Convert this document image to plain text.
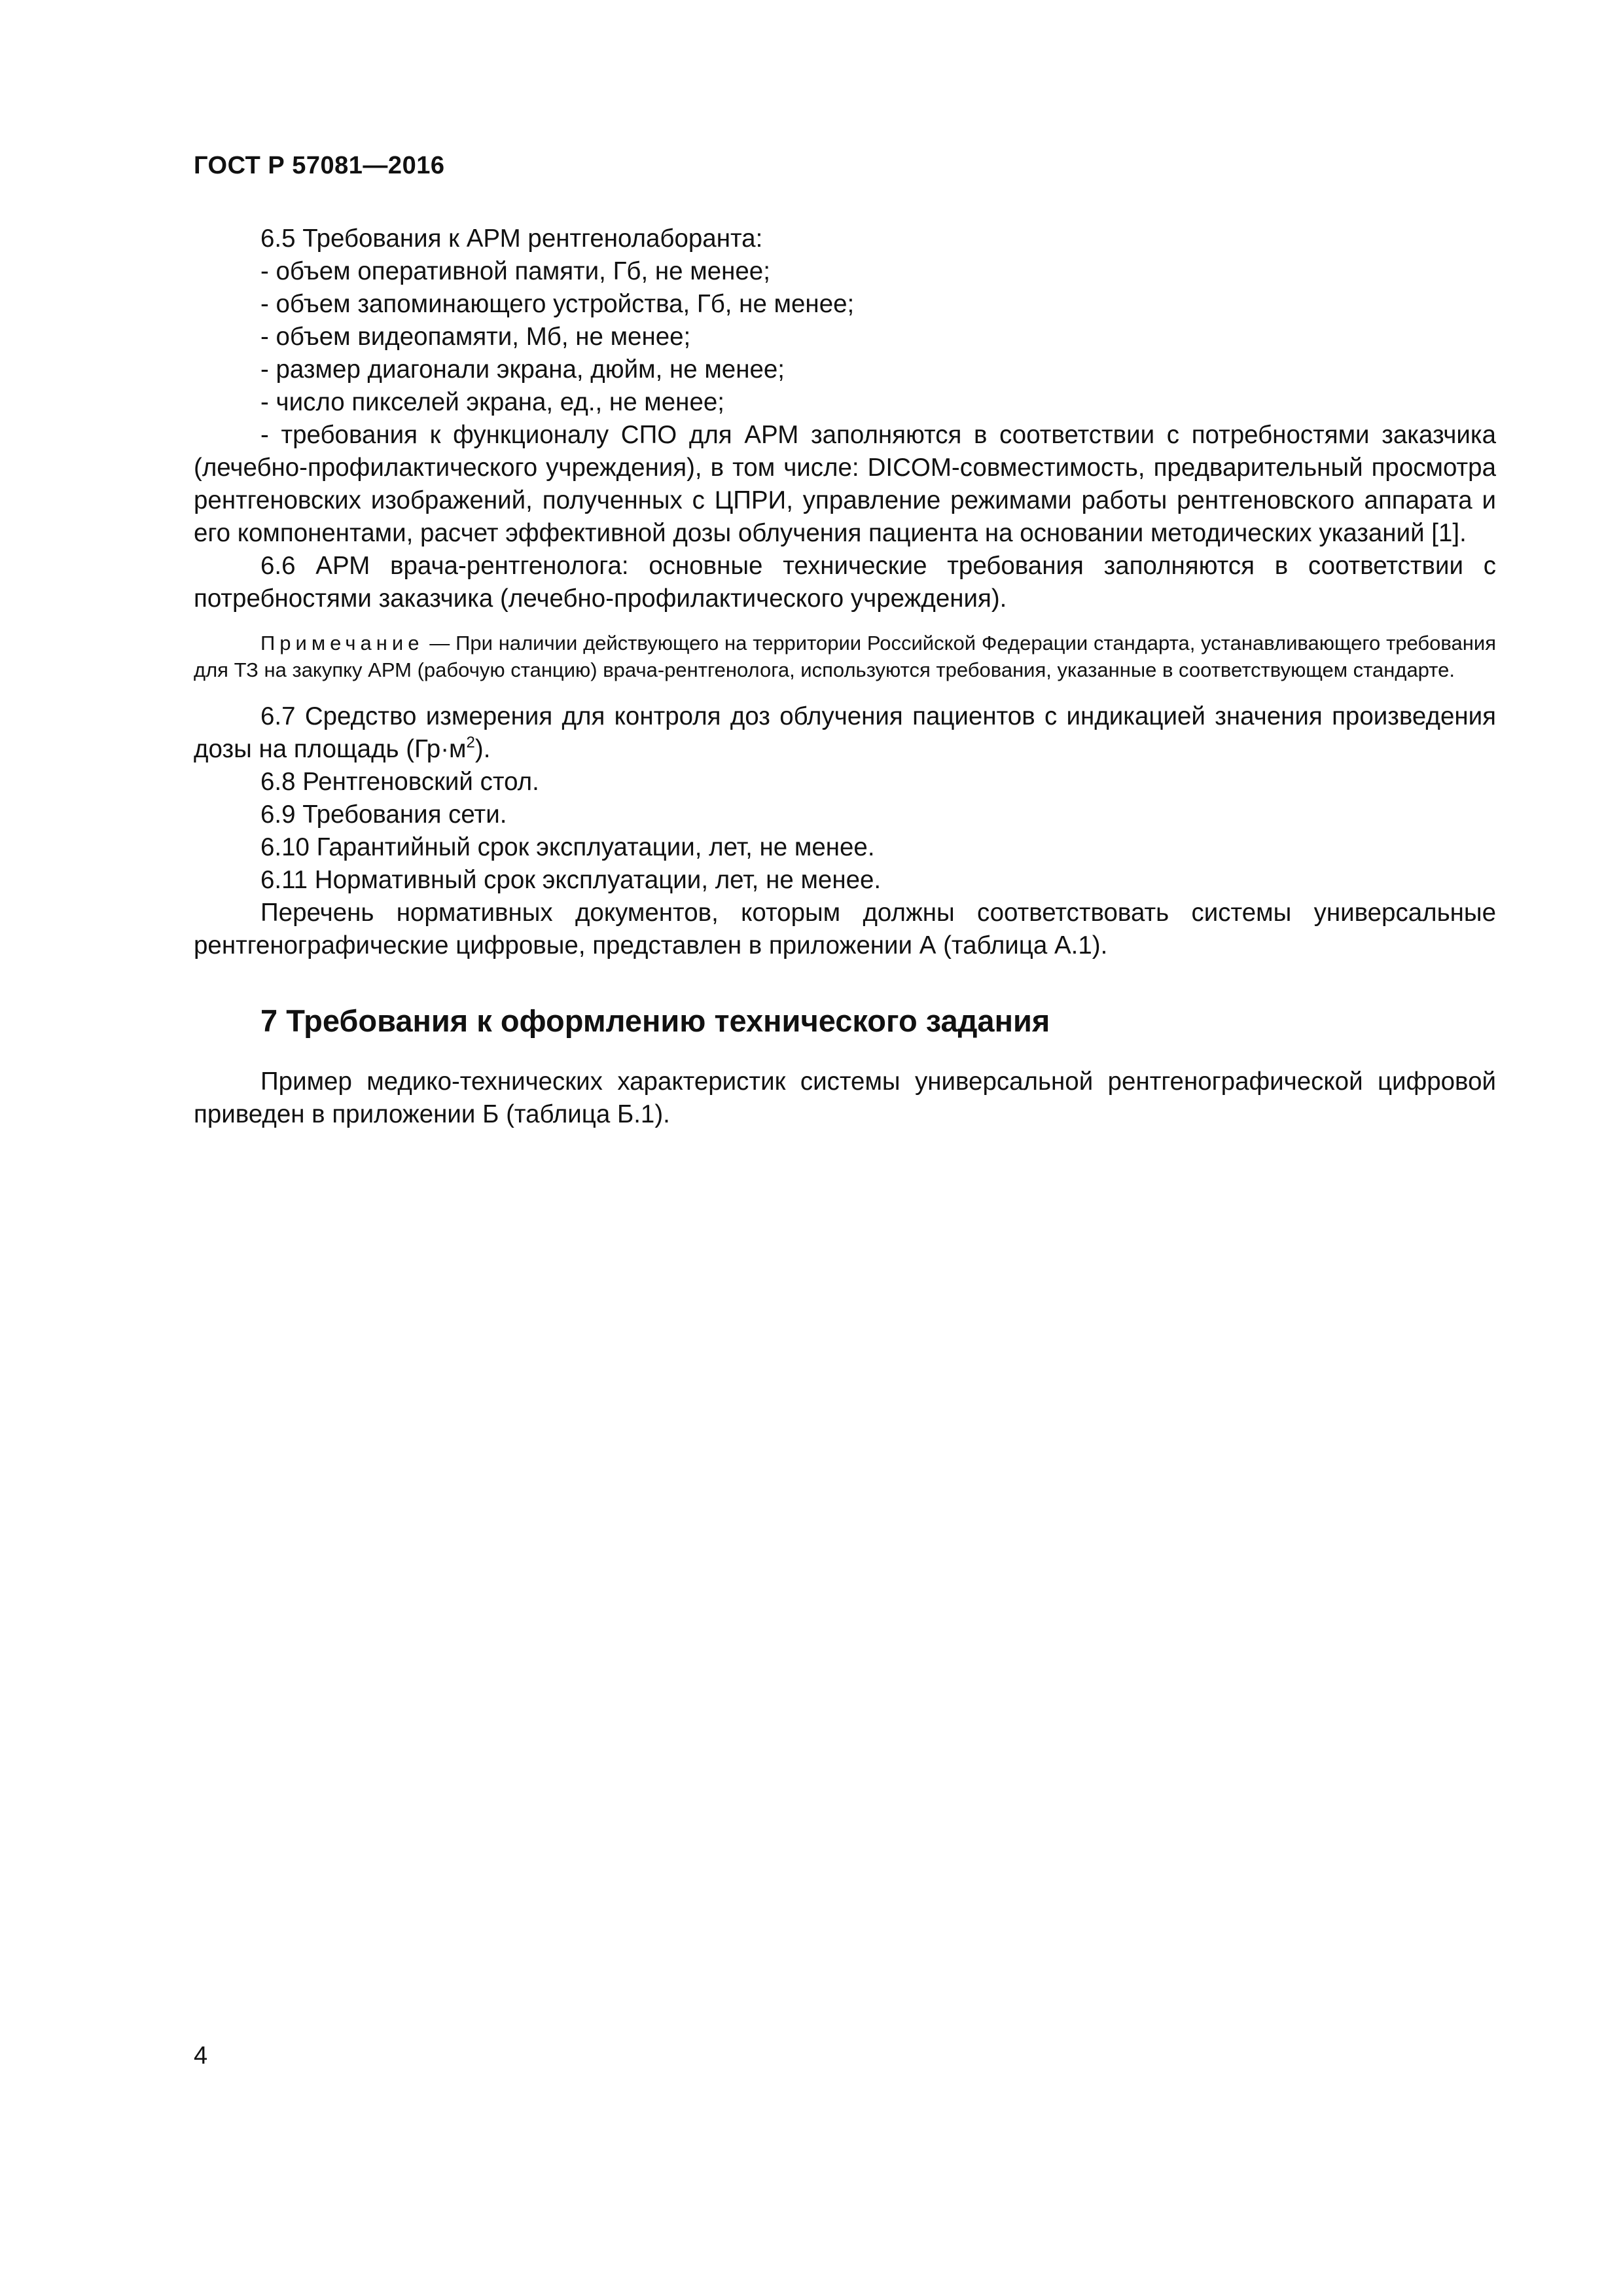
ГОСТ Р 57081—2016

6.5 Требования к АРМ рентгенолаборанта:

- объем оперативной памяти, Гб, не менее;

- объем запоминающего устройства, Гб, не менее;

- объем видеопамяти, Мб, не менее;

- размер диагонали экрана, дюйм, не менее;

- число пикселей экрана, ед., не менее;

- требования к функционалу СПО для АРМ заполняются в соответствии с потребностями заказчика (лечебно-профилактического учреждения), в том числе: DICOM-совместимость, предварительный просмотра рентгеновских изображений, полученных с ЦПРИ, управление режимами работы рентгеновского аппарата и его компонентами, расчет эффективной дозы облучения пациента на основании методических указаний [1].

6.6 АРМ врача-рентгенолога: основные технические требования заполняются в соответствии с потребностями заказчика (лечебно-профилактического учреждения).

Примечание — При наличии действующего на территории Российской Федерации стандарта, устанавливающего требования для ТЗ на закупку АРМ (рабочую станцию) врача-рентгенолога, используются требования, указанные в соответствующем стандарте.

6.7 Средство измерения для контроля доз облучения пациентов с индикацией значения произведения дозы на площадь $(Гр\cdot м^2)$.

6.8 Рентгеновский стол.

6.9 Требования сети.

6.10 Гарантийный срок эксплуатации, лет, не менее.

6.11 Нормативный срок эксплуатации, лет, не менее.

Перечень нормативных документов, которым должны соответствовать системы универсальные рентгенографические цифровые, представлен в приложении А (таблица А.1).

7 Требования к оформлению технического задания

Пример медико-технических характеристик системы универсальной рентгенографической цифровой приведен в приложении Б (таблица Б.1).

4
